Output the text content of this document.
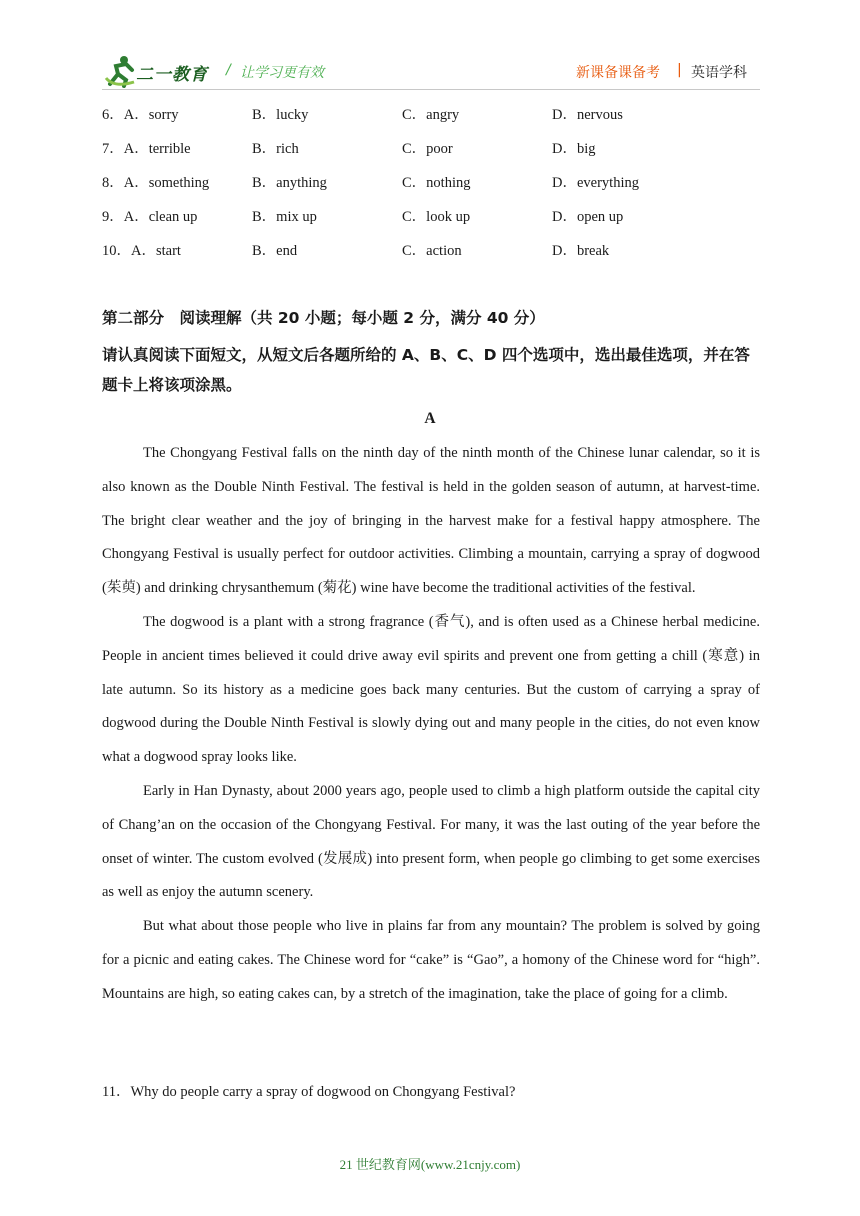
二一教育 / 让学习更有效	新课备课备考 | 英语学科
6．A．sorry	B．lucky	C．angry	D．nervous
7．A．terrible	B．rich	C．poor	D．big
8．A．something	B．anything	C．nothing	D．everything
9．A．clean up	B．mix up	C．look up	D．open up
10．A．start	B．end	C．action	D．break
第二部分　阅读理解（共 20 小题；每小题 2 分，满分 40 分）
请认真阅读下面短文，从短文后各题所给的 A、B、C、D 四个选项中，选出最佳选项，并在答题卡上将该项涂黑。
A

The Chongyang Festival falls on the ninth day of the ninth month of the Chinese lunar calendar, so it is also known as the Double Ninth Festival. The festival is held in the golden season of autumn, at harvest-time. The bright clear weather and the joy of bringing in the harvest make for a festival happy atmosphere. The Chongyang Festival is usually perfect for outdoor activities. Climbing a mountain, carrying a spray of dogwood (茱萸) and drinking chrysanthemum (菊花) wine have become the traditional activities of the festival.

The dogwood is a plant with a strong fragrance (香气), and is often used as a Chinese herbal medicine. People in ancient times believed it could drive away evil spirits and prevent one from getting a chill (寒意) in late autumn. So its history as a medicine goes back many centuries. But the custom of carrying a spray of dogwood during the Double Ninth Festival is slowly dying out and many people in the cities, do not even know what a dogwood spray looks like.

Early in Han Dynasty, about 2000 years ago, people used to climb a high platform outside the capital city of Chang’an on the occasion of the Chongyang Festival. For many, it was the last outing of the year before the onset of winter. The custom evolved (发展成) into present form, when people go climbing to get some exercises as well as enjoy the autumn scenery.

But what about those people who live in plains far from any mountain? The problem is solved by going for a picnic and eating cakes. The Chinese word for “cake” is “Gao”, a homony of the Chinese word for “high”. Mountains are high, so eating cakes can, by a stretch of the imagination, take the place of going for a climb.

11．Why do people carry a spray of dogwood on Chongyang Festival?
21 世纪教育网(www.21cnjy.com)
